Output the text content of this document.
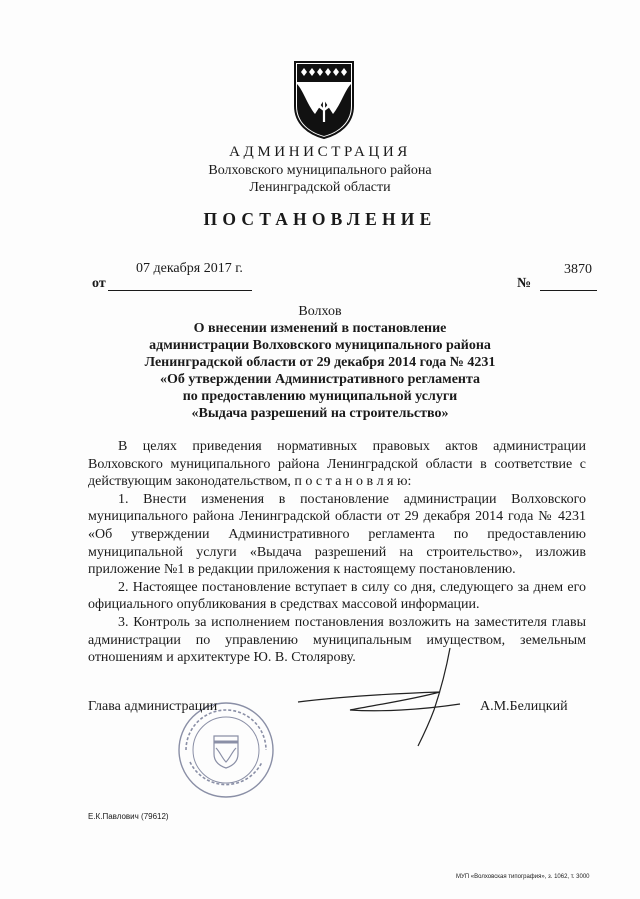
АДМИНИСТРАЦИЯ
Волховского муниципального района
Ленинградской области
ПОСТАНОВЛЕНИЕ
от
07 декабря 2017 г.
№
3870
Волхов
О внесении изменений в постановление
администрации Волховского муниципального района
Ленинградской области от 29 декабря 2014 года № 4231
«Об утверждении Административного регламента
по предоставлению муниципальной услуги
«Выдача разрешений на строительство»

В целях приведения нормативных правовых актов администрации Волховского муниципального района Ленинградской области в соответствие с действующим законодательством, п о с т а н о в л я ю:

1. Внести изменения в постановление администрации Волховского муниципального района Ленинградской области от 29 декабря 2014 года № 4231 «Об утверждении Административного регламента по предоставлению муниципальной услуги «Выдача разрешений на строительство», изложив приложение №1 в редакции приложения к настоящему постановлению.

2. Настоящее постановление вступает в силу со дня, следующего за днем его официального опубликования в средствах массовой информации.

3. Контроль за исполнением постановления возложить на заместителя главы администрации по управлению муниципальным имуществом, земельным отношениям и архитектуре Ю. В. Столярову.

Глава администрации	А.М.Белицкий
Е.К.Павлович (79612)
МУП «Волховская типография», з. 1062, т. 3000
